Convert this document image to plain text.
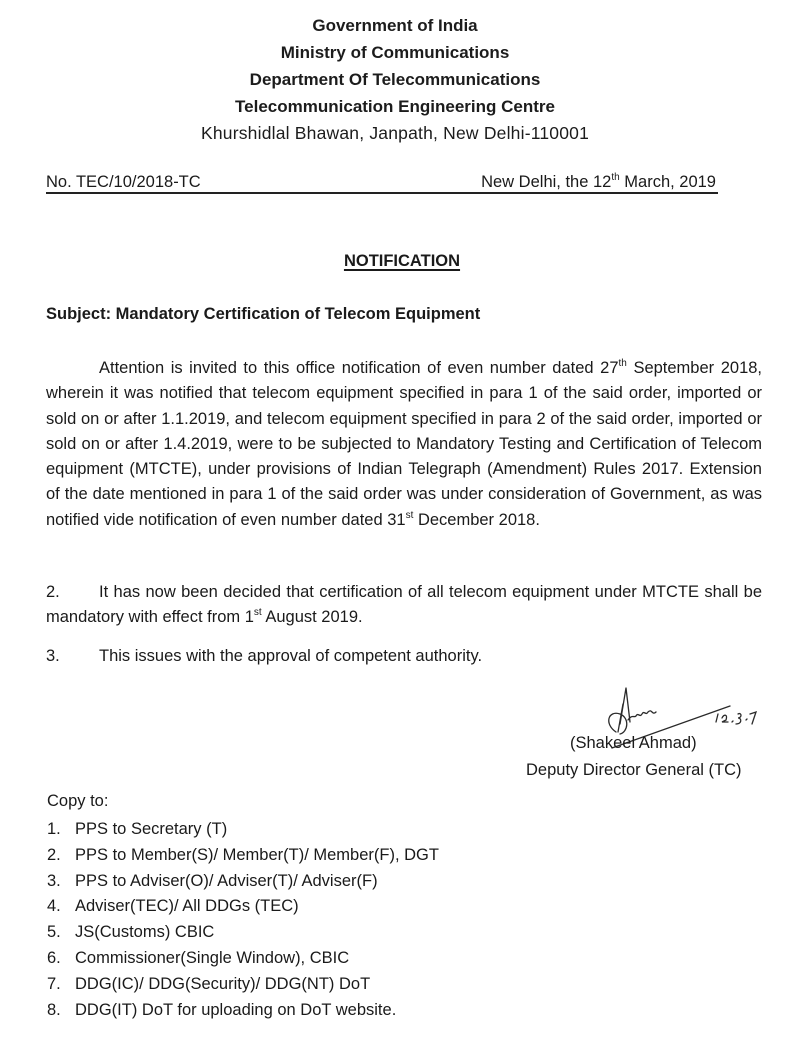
Government of India
Ministry of Communications
Department Of Telecommunications
Telecommunication Engineering Centre
Khurshidlal Bhawan, Janpath, New Delhi-110001
No. TEC/10/2018-TC	New Delhi, the 12th March, 2019
NOTIFICATION
Subject: Mandatory Certification of Telecom Equipment
Attention is invited to this office notification of even number dated 27th September 2018, wherein it was notified that telecom equipment specified in para 1 of the said order, imported or sold on or after 1.1.2019, and telecom equipment specified in para 2 of the said order, imported or sold on or after 1.4.2019, were to be subjected to Mandatory Testing and Certification of Telecom equipment (MTCTE), under provisions of Indian Telegraph (Amendment) Rules 2017. Extension of the date mentioned in para 1 of the said order was under consideration of Government, as was notified vide notification of even number dated 31st December 2018.
2. It has now been decided that certification of all telecom equipment under MTCTE shall be mandatory with effect from 1st August 2019.
3. This issues with the approval of competent authority.
(Shakeel Ahmad)
Deputy Director General (TC)
Copy to:
1. PPS to Secretary (T)
2. PPS to Member(S)/ Member(T)/ Member(F), DGT
3. PPS to Adviser(O)/ Adviser(T)/ Adviser(F)
4. Adviser(TEC)/ All DDGs (TEC)
5. JS(Customs) CBIC
6. Commissioner(Single Window), CBIC
7. DDG(IC)/ DDG(Security)/ DDG(NT) DoT
8. DDG(IT) DoT for uploading on DoT website.
